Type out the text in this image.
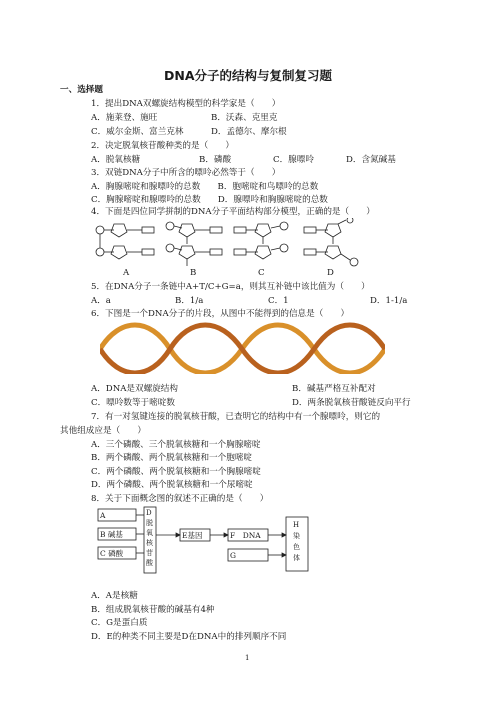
DNA分子的结构与复制复习题
一、选择题
1．提出DNA双螺旋结构模型的科学家是（　　）
A．施莱登、施旺	B．沃森、克里克
C．威尔金斯、富兰克林	D．孟德尔、摩尔根
2．决定脱氧核苷酸种类的是（　　）
A．脱氧核糖	B．磷酸	C．腺嘌呤	D．含氮碱基
3．双链DNA分子中所含的嘌呤必然等于（　　）
A．胸腺嘧啶和腺嘌呤的总数　　B．胞嘧啶和鸟嘌呤的总数
C．胸腺嘧啶和腺嘌呤的总数　　D．腺嘌呤和胸腺嘧啶的总数
4．下面是四位同学拼制的DNA分子平面结构部分模型，正确的是（　　）
A	B	C	D
5．在DNA分子一条链中A+T/C+G=a，则其互补链中该比值为（　　）
A．a	B．1/a	C．1	D．1-1/a
6．下图是一个DNA分子的片段，从图中不能得到的信息是（　　）
A．DNA是双螺旋结构	B．碱基严格互补配对
C．嘌呤数等于嘧啶数	D．两条脱氧核苷酸链反向平行
7．有一对氢键连接的脱氧核苷酸，已查明它的结构中有一个腺嘌呤，则它的
其他组成应是（　　）
A．三个磷酸、三个脱氧核糖和一个胸腺嘧啶
B．两个磷酸、两个脱氧核糖和一个胞嘧啶
C．两个磷酸、两个脱氧核糖和一个胸腺嘧啶
D．两个磷酸、两个脱氧核糖和一个尿嘧啶
8．关于下面概念图的叙述不正确的是（　　）
A
B 碱基
C 磷酸
D
脱
氧
核
苷
酸
E基因	F　DNA
G
H
染
色
体
A．A是核糖
B．组成脱氧核苷酸的碱基有4种
C．G是蛋白质
D．E的种类不同主要是D在DNA中的排列顺序不同
1
